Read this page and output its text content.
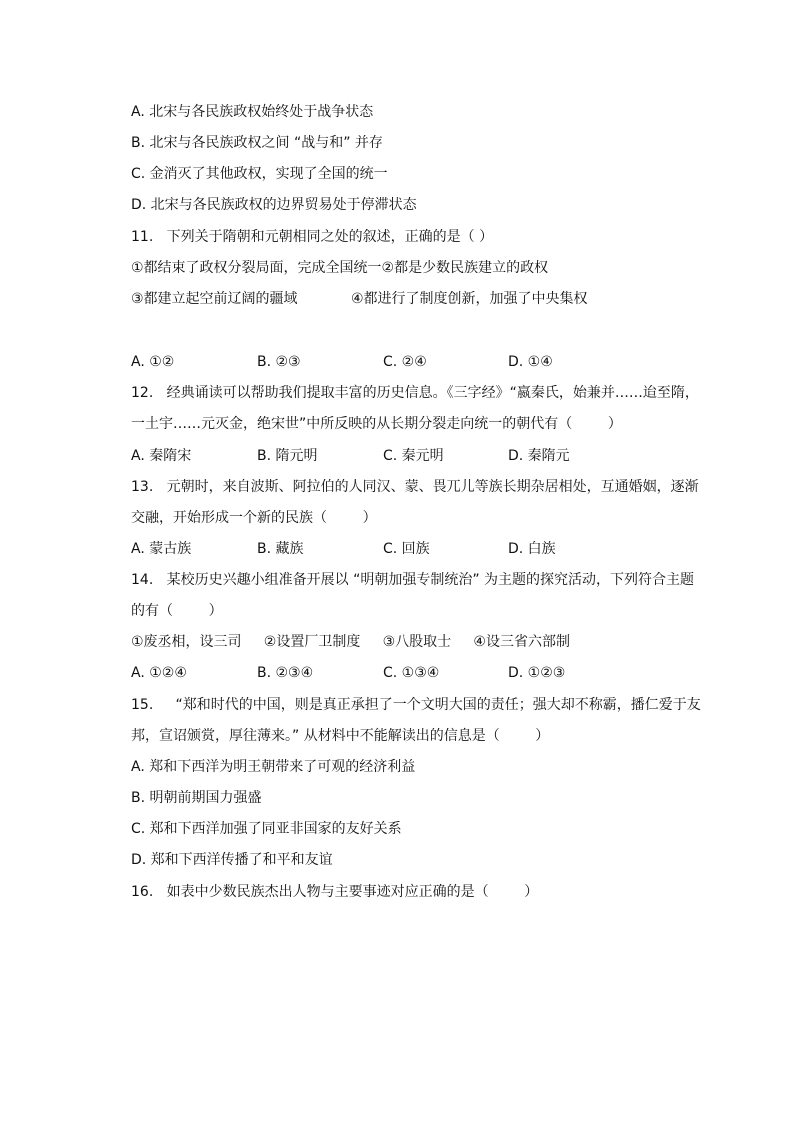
A. 北宋与各民族政权始终处于战争状态
B. 北宋与各民族政权之间 “战与和” 并存
C. 金消灭了其他政权，实现了全国的统一
D. 北宋与各民族政权的边界贸易处于停滞状态
11.   下列关于隋朝和元朝相同之处的叙述，正确的是（ ）
①都结束了政权分裂局面，完成全国统一②都是少数民族建立的政权
③都建立起空前辽阔的疆域            ④都进行了制度创新，加强了中央集权
A. ①②	B. ②③	C. ②④	D. ①④
12.   经典诵读可以帮助我们提取丰富的历史信息。《三字经》“嬴秦氏，始兼并……迨至隋，
一土宇……元灭金，绝宋世”中所反映的从长期分裂走向统一的朝代有（        ）
A. 秦隋宋	B. 隋元明	C. 秦元明	D. 秦隋元
13.   元朝时，来自波斯、阿拉伯的人同汉、蒙、畏兀儿等族长期杂居相处，互通婚姻，逐渐
交融，开始形成一个新的民族（        ）
A. 蒙古族	B. 藏族	C. 回族	D. 白族
14.   某校历史兴趣小组准备开展以 “明朝加强专制统治” 为主题的探究活动，下列符合主题
的有（        ）
①废丞相，设三司     ②设置厂卫制度     ③八股取士     ④设三省六部制
A. ①②④	B. ②③④	C. ①③④	D. ①②③
15.     “郑和时代的中国，则是真正承担了一个文明大国的责任；强大却不称霸，播仁爱于友
邦，宣诏颁赏，厚往薄来。” 从材料中不能解读出的信息是（        ）
A. 郑和下西洋为明王朝带来了可观的经济利益
B. 明朝前期国力强盛
C. 郑和下西洋加强了同亚非国家的友好关系
D. 郑和下西洋传播了和平和友谊
16.   如表中少数民族杰出人物与主要事迹对应正确的是（        ）
